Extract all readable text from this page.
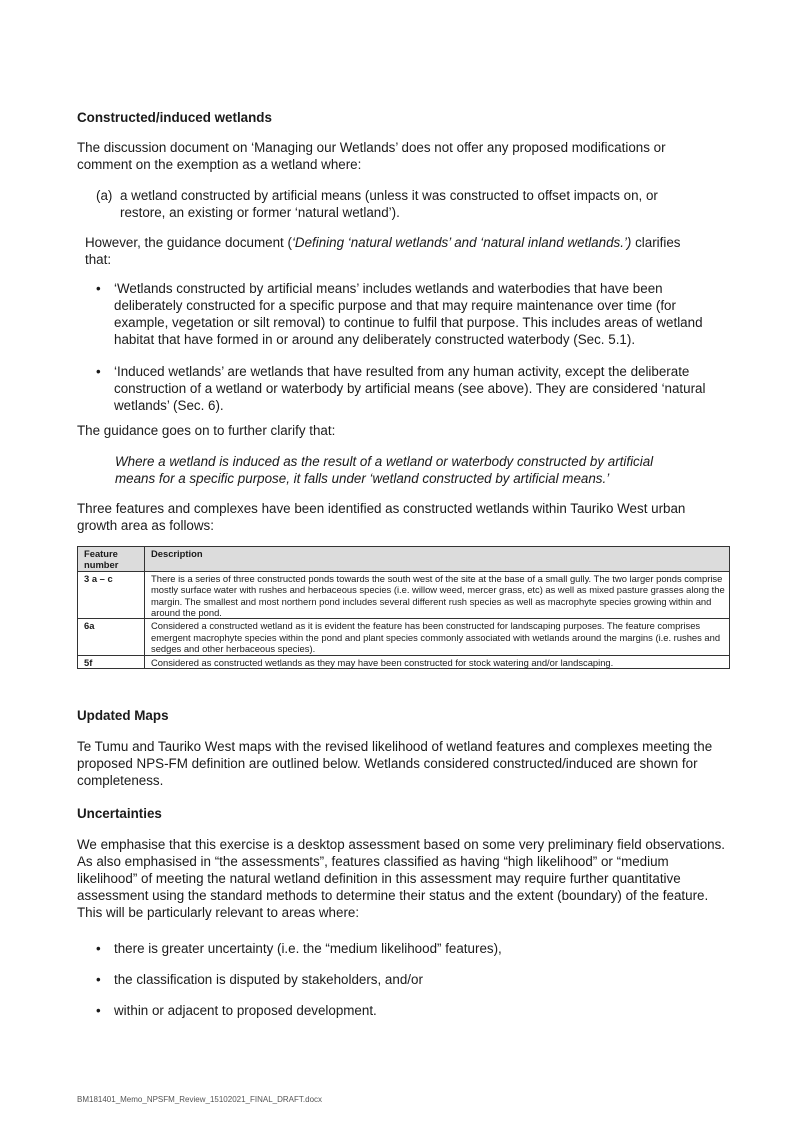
Constructed/induced wetlands

The discussion document on ‘Managing our Wetlands’ does not offer any proposed modifications or comment on the exemption as a wetland where:

(a) a wetland constructed by artificial means (unless it was constructed to offset impacts on, or restore, an existing or former ‘natural wetland’).

However, the guidance document (‘Defining ‘natural wetlands’ and ‘natural inland wetlands.’) clarifies that:

• ‘Wetlands constructed by artificial means’ includes wetlands and waterbodies that have been deliberately constructed for a specific purpose and that may require maintenance over time (for example, vegetation or silt removal) to continue to fulfil that purpose. This includes areas of wetland habitat that have formed in or around any deliberately constructed waterbody (Sec. 5.1).
• ‘Induced wetlands’ are wetlands that have resulted from any human activity, except the deliberate construction of a wetland or waterbody by artificial means (see above). They are considered ‘natural wetlands’ (Sec. 6).

The guidance goes on to further clarify that:

Where a wetland is induced as the result of a wetland or waterbody constructed by artificial means for a specific purpose, it falls under ‘wetland constructed by artificial means.’

Three features and complexes have been identified as constructed wetlands within Tauriko West urban growth area as follows:

Feature number	Description
3 a – c	There is a series of three constructed ponds towards the south west of the site at the base of a small gully. The two larger ponds comprise mostly surface water with rushes and herbaceous species (i.e. willow weed, mercer grass, etc) as well as mixed pasture grasses along the margin. The smallest and most northern pond includes several different rush species as well as macrophyte species growing within and around the pond.
6a	Considered a constructed wetland as it is evident the feature has been constructed for landscaping purposes. The feature comprises emergent macrophyte species within the pond and plant species commonly associated with wetlands around the margins (i.e. rushes and sedges and other herbaceous species).
5f	Considered as constructed wetlands as they may have been constructed for stock watering and/or landscaping.
Updated Maps

Te Tumu and Tauriko West maps with the revised likelihood of wetland features and complexes meeting the proposed NPS-FM definition are outlined below. Wetlands considered constructed/induced are shown for completeness.

Uncertainties

We emphasise that this exercise is a desktop assessment based on some very preliminary field observations. As also emphasised in “the assessments”, features classified as having “high likelihood” or “medium likelihood” of meeting the natural wetland definition in this assessment may require further quantitative assessment using the standard methods to determine their status and the extent (boundary) of the feature. This will be particularly relevant to areas where:

• there is greater uncertainty (i.e. the “medium likelihood” features),
• the classification is disputed by stakeholders, and/or
• within or adjacent to proposed development.
BM181401_Memo_NPSFM_Review_15102021_FINAL_DRAFT.docx
